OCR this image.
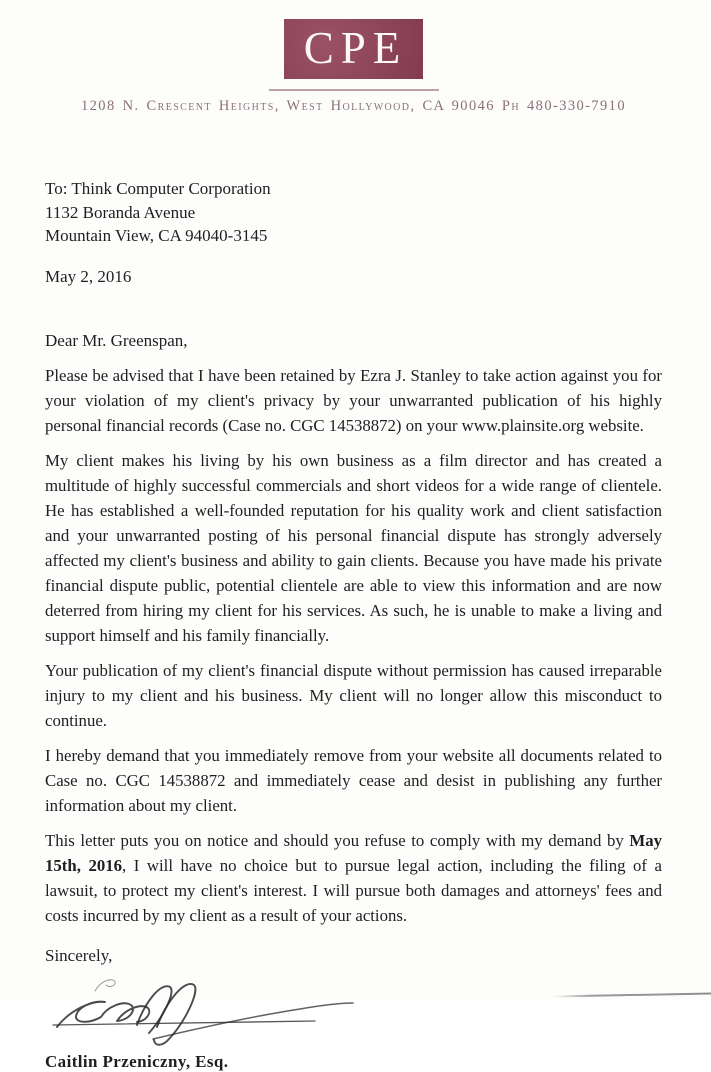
CPE
1208 N. Crescent Heights, West Hollywood, CA 90046 Ph 480-330-7910
To: Think Computer Corporation
1132 Boranda Avenue
Mountain View, CA 94040-3145
May 2, 2016
Dear Mr. Greenspan,

Please be advised that I have been retained by Ezra J. Stanley to take action against you for your violation of my client's privacy by your unwarranted publication of his highly personal financial records (Case no. CGC 14538872) on your www.plainsite.org website.

My client makes his living by his own business as a film director and has created a multitude of highly successful commercials and short videos for a wide range of clientele. He has established a well-founded reputation for his quality work and client satisfaction and your unwarranted posting of his personal financial dispute has strongly adversely affected my client's business and ability to gain clients. Because you have made his private financial dispute public, potential clientele are able to view this information and are now deterred from hiring my client for his services. As such, he is unable to make a living and support himself and his family financially.

Your publication of my client's financial dispute without permission has caused irreparable injury to my client and his business. My client will no longer allow this misconduct to continue.

I hereby demand that you immediately remove from your website all documents related to Case no. CGC 14538872 and immediately cease and desist in publishing any further information about my client.

This letter puts you on notice and should you refuse to comply with my demand by May 15th, 2016, I will have no choice but to pursue legal action, including the filing of a lawsuit, to protect my client's interest. I will pursue both damages and attorneys' fees and costs incurred by my client as a result of your actions.

Sincerely,
Caitlin Przeniczny, Esq.
